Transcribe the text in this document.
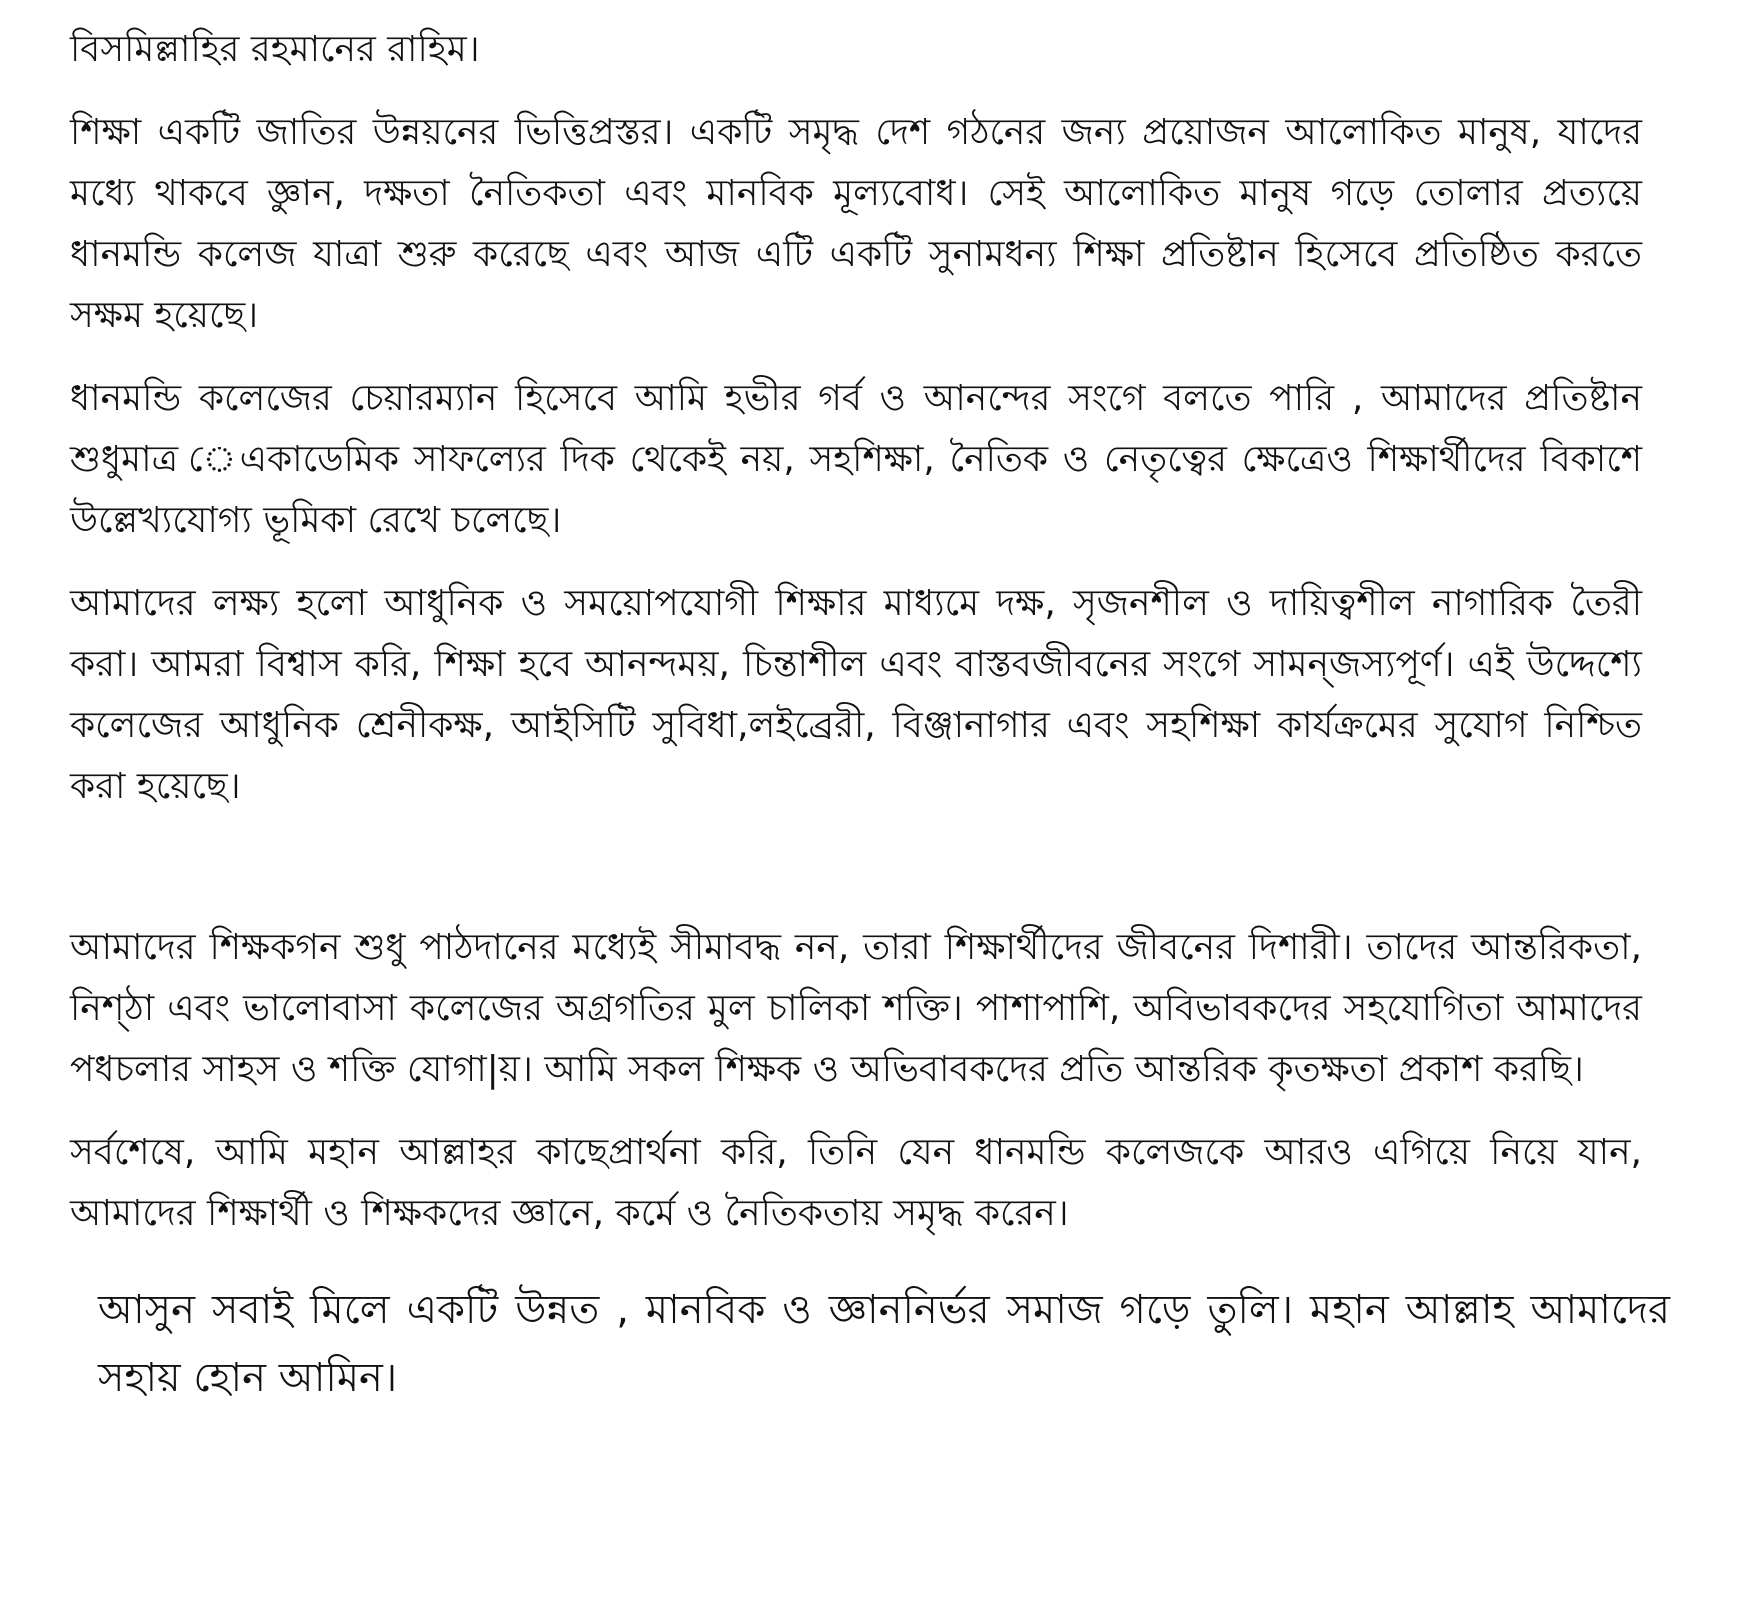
বিসমিল্লাহির রহমানের রাহিম।

শিক্ষা একটি জাতির উন্নয়নের ভিত্তিপ্রস্তর। একটি সমৃদ্ধ দেশ গঠনের জন্য প্রয়োজন আলোকিত মানুষ, যাদের মধ্যে থাকবে জ্ঞাুন, দক্ষতা নৈতিকতা এবং মানবিক মূল্যবোধ। সেই আলোকিত মানুষ গড়ে তোলার প্রত্যয়ে ধানমন্ডি কলেজ যাত্রা শুরু করেছে এবং আজ এটি একটি সুনামধন্য শিক্ষা প্রতিষ্টান হিসেবে প্রতিষ্ঠিত করতে সক্ষম হয়েছে।

ধানমন্ডি কলেজের চেয়ারম্যান হিসেবে আমি হভীর গর্ব ও আনন্দের সংগে বলতে পারি , আমাদের প্রতিষ্টান শুধুমাত্র েএকাডেমিক সাফল্যের দিক থেকেই নয়, সহশিক্ষা, নৈতিক ও নেতৃত্বের ক্ষেত্রেও শিক্ষার্থীদের বিকাশে উল্লেখ্যযোগ্য ভূমিকা রেখে চলেছে।

আমাদের লক্ষ্য হলো আধুনিক ও সময়োপযোগী শিক্ষার মাধ্যমে দক্ষ, সৃজনশীল ও দায়িত্বশীল নাগারিক তৈরী করা। আমরা বিশ্বাস করি, শিক্ষা হবে আনন্দময়, চিন্তাশীল এবং বাস্তবজীবনের সংগে সামন্জস্যপূর্ণ। এই উদ্দেশ্যে কলেজের আধুনিক শ্রেনীকক্ষ, আইসিটি সুবিধা,লইব্রেরী, বিঞ্জানাগার এবং সহশিক্ষা কার্যক্রমের সুযোগ নিশ্চিত করা হয়েছে।

আমাদের শিক্ষকগন শুধু পাঠদানের মধ্যেই সীমাবদ্ধ নন, তারা শিক্ষার্থীদের জীবনের দিশারী। তাদের আন্তরিকতা, নিশ্ঠা এবং ভালোবাসা কলেজের অগ্রগতির মুল চালিকা শক্তি। পাশাপাশি, অবিভাবকদের সহযোগিতা আমাদের পধচলার সাহস ও শক্তি যোগা|য়। আমি সকল শিক্ষক ও অভিবাবকদের প্রতি আন্তরিক কৃতক্ষতা প্রকাশ করছি।

সর্বশেষে, আমি মহান আল্লাহর কাছেপ্রার্থনা করি, তিনি যেন ধানমন্ডি কলেজকে আরও এগিয়ে নিয়ে যান, আমাদের শিক্ষার্থী ও শিক্ষকদের জ্ঞানে, কর্মে ও নৈতিকতায় সমৃদ্ধ করেন।

আসুন সবাই মিলে একটি উন্নত , মানবিক ও জ্ঞাননির্ভর সমাজ গড়ে তুলি। মহান আল্লাহ আমাদের সহায় হোন আমিন।
